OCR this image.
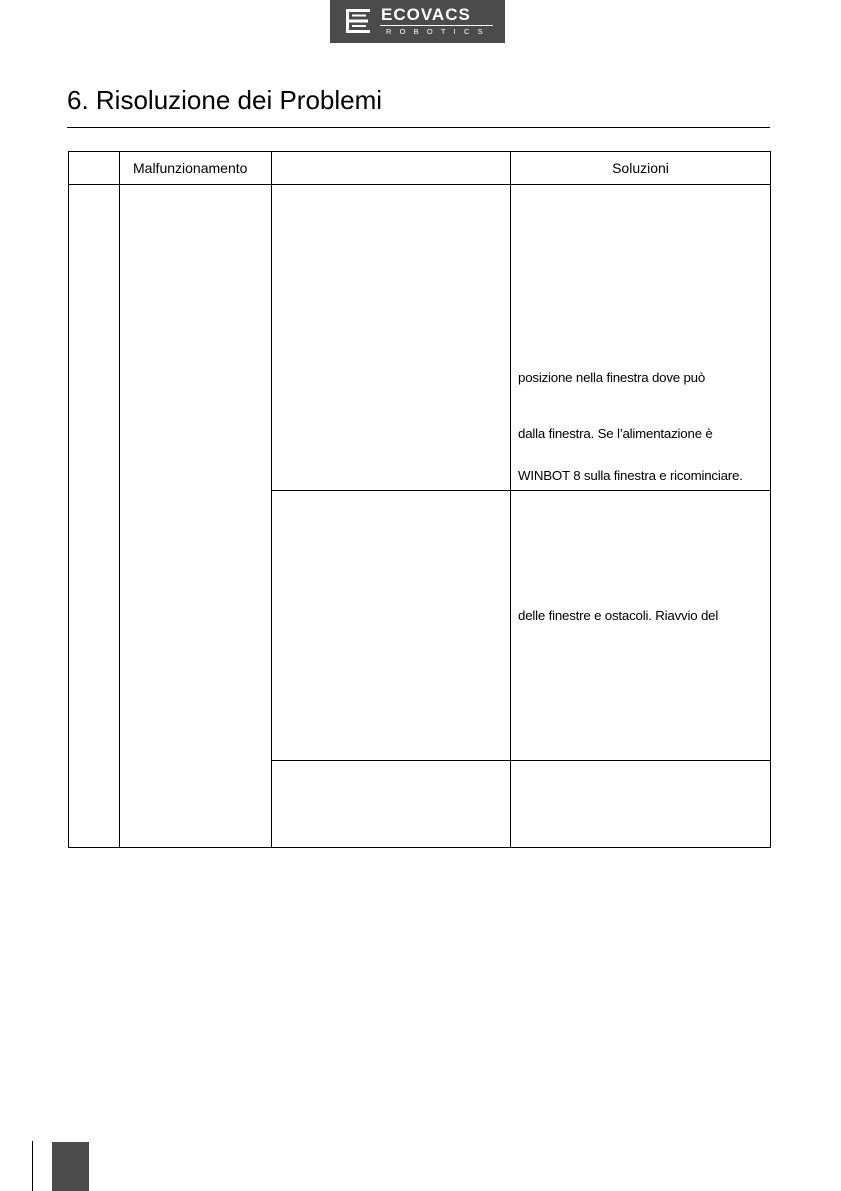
ECOVACS
ROBOTICS
6. Risoluzione dei Problemi
	Malfunzionamento		Soluzioni

			posizione nella finestra dove può
dalla finestra. Se l’alimentazione è
WINBOT 8 sulla finestra e ricominciare.

			delle finestre e ostacoli. Riavvio del
